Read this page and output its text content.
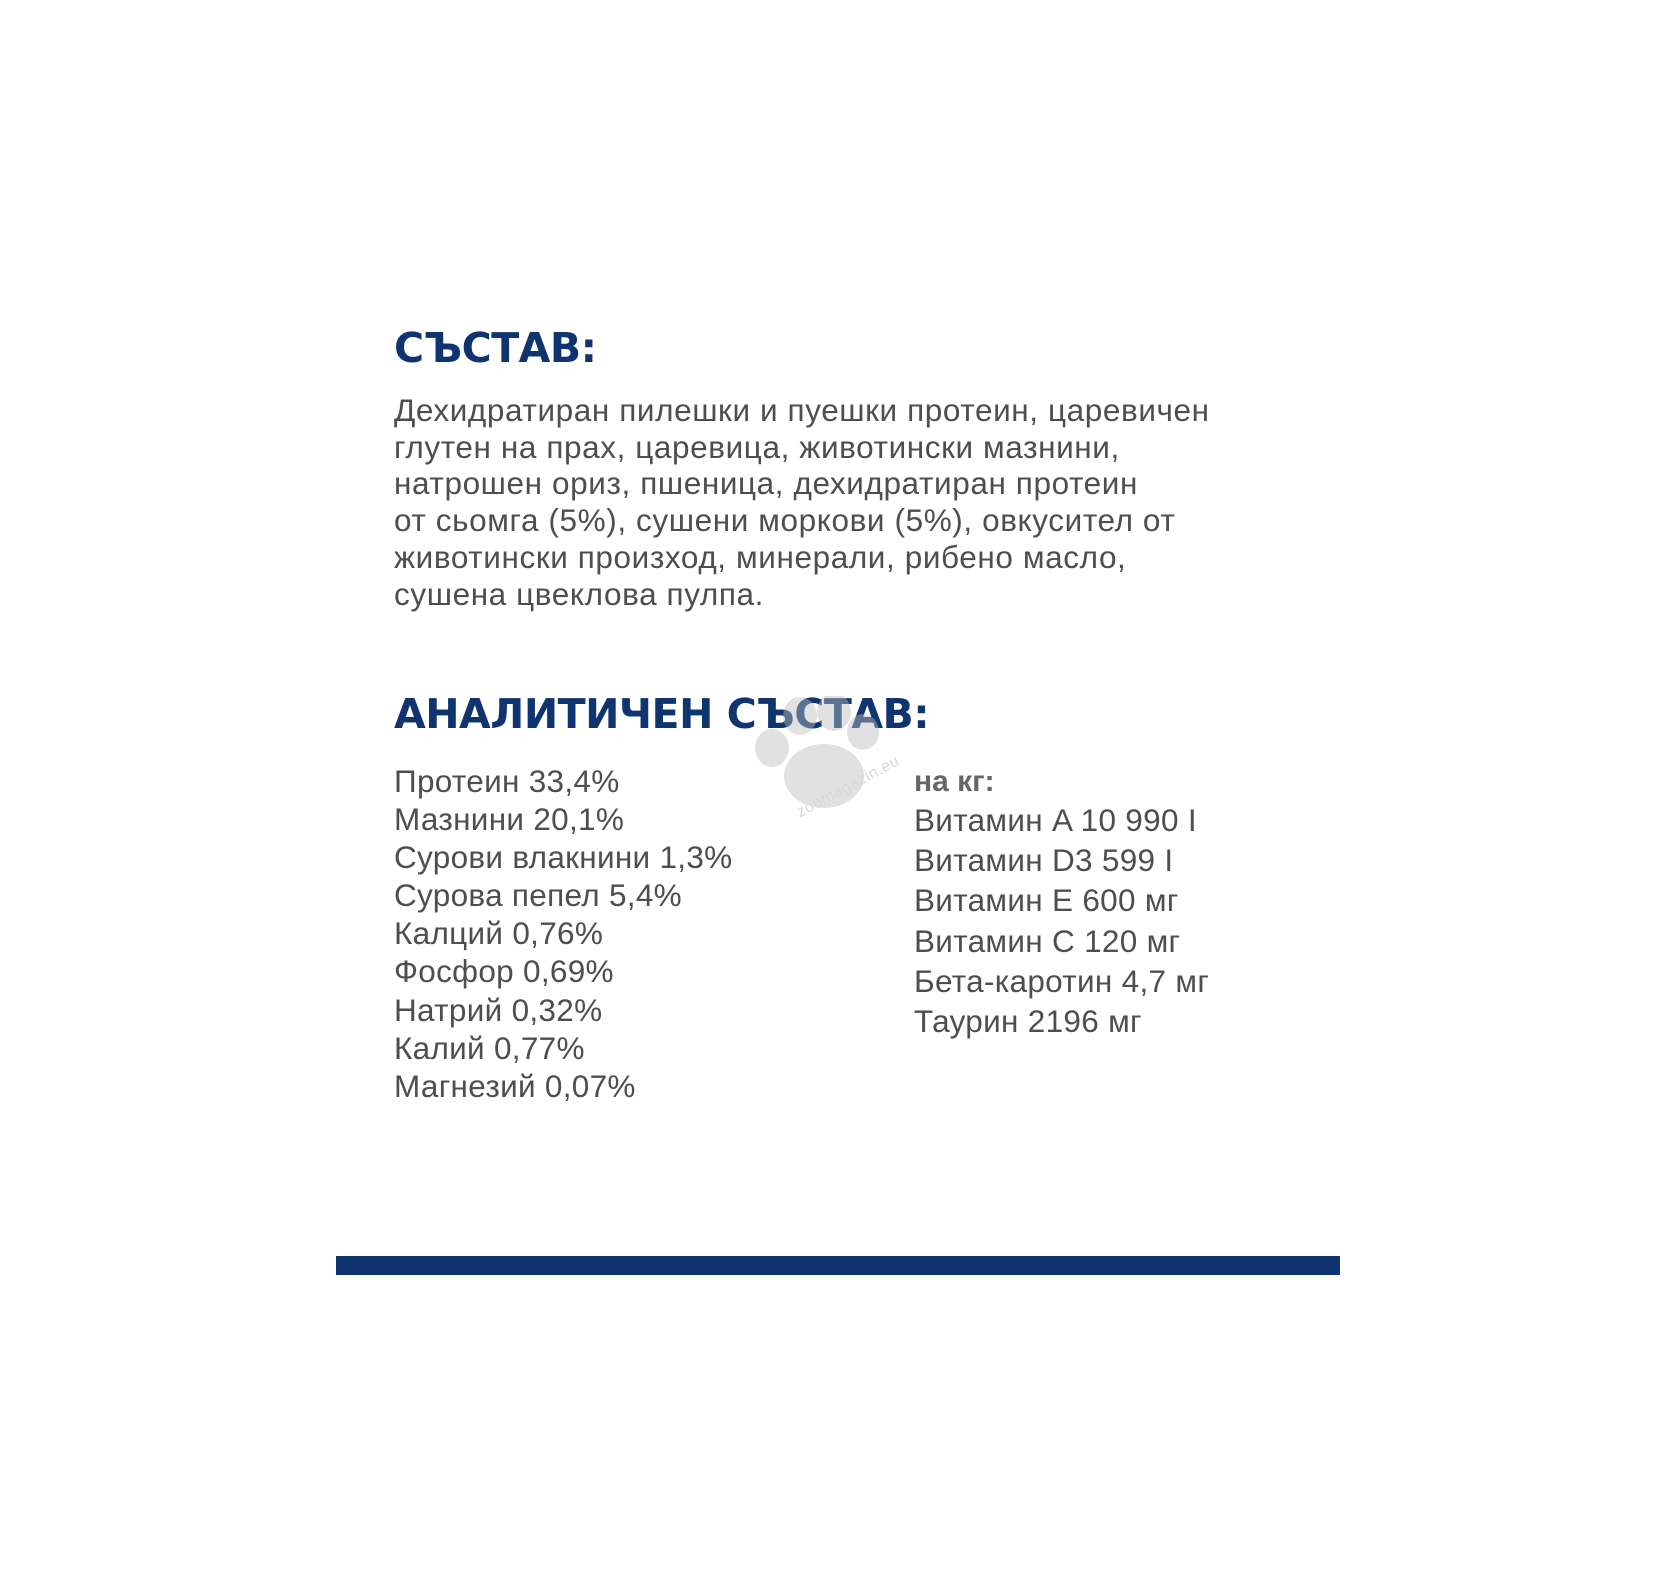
СЪСТАВ:

Дехидратиран пилешки и пуешки протеин, царевичен
глутен на прах, царевица, животински мазнини,
натрошен ориз, пшеница, дехидратиран протеин
от сьомга (5%), сушени моркови (5%), овкусител от
животински произход, минерали, рибено масло,
сушена цвеклова пулпа.

АНАЛИТИЧЕН СЪСТАВ:
Протеин 33,4%
Мазнини 20,1%
Сурови влакнини 1,3%
Сурова пепел 5,4%
Калций 0,76%
Фосфор 0,69%
Натрий 0,32%
Калий 0,77%
Магнезий 0,07%
zoomagazin.eu на кг:

Витамин A 10 990 I
Витамин D3 599 I
Витамин Е 600 мг
Витамин С 120 мг
Бета-каротин 4,7 мг
Таурин 2196 мг
